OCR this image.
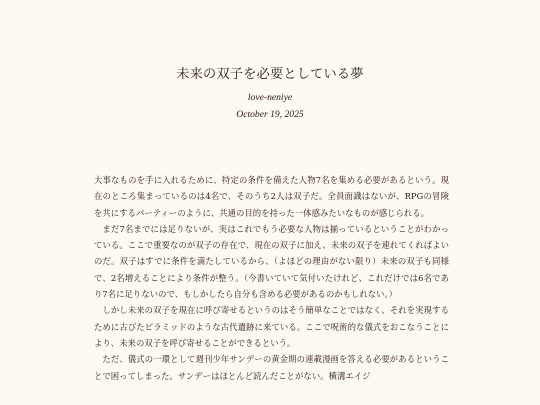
未来の双子を必要としている夢
love-neniye
October 19, 2025

大事なものを手に入れるために、特定の条件を備えた人物7名を集める必要があるという。現在のところ集まっているのは4名で、そのうち2人は双子だ。全員面識はないが、RPGの冒険を共にするパーティーのように、共通の目的を持った一体感みたいなものが感じられる。

まだ7名までには足りないが、実はこれでもう必要な人物は揃っているということがわかっている。ここで重要なのが双子の存在で、現在の双子に加え、未来の双子を連れてくればよいのだ。双子はすでに条件を満たしているから、（よほどの理由がない限り）未来の双子も同様で、2名増えることにより条件が整う。（今書いていて気付いたけれど、これだけでは6名であり7名に足りないので、もしかしたら自分も含める必要があるのかもしれない。）

しかし未来の双子を現在に呼び寄せるというのはそう簡単なことではなく、それを実現するために古びたピラミッドのような古代遺跡に来ている。ここで呪術的な儀式をおこなうことにより、未来の双子を呼び寄せることができるという。

ただ、儀式の一環として週刊少年サンデーの黄金期の連載漫画を答える必要があるということで困ってしまった。サンデーはほとんど読んだことがない。横溝エイジ
